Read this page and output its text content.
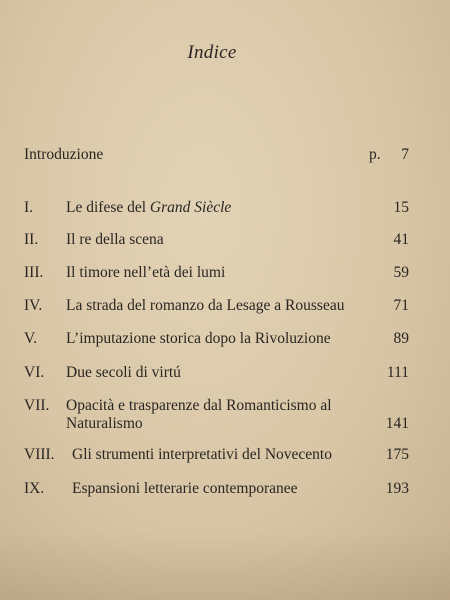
Indice
Introduzione	p. 7
I. Le difese del Grand Siècle	15
II. Il re della scena	41
III. Il timore nell’età dei lumi	59
IV. La strada del romanzo da Lesage a Rousseau	71
V. L’imputazione storica dopo la Rivoluzione	89
VI. Due secoli di virtú	111
VII. Opacità e trasparenze dal Romanticismo al
Naturalismo	141
VIII. Gli strumenti interpretativi del Novecento	175
IX. Espansioni letterarie contemporanee	193
